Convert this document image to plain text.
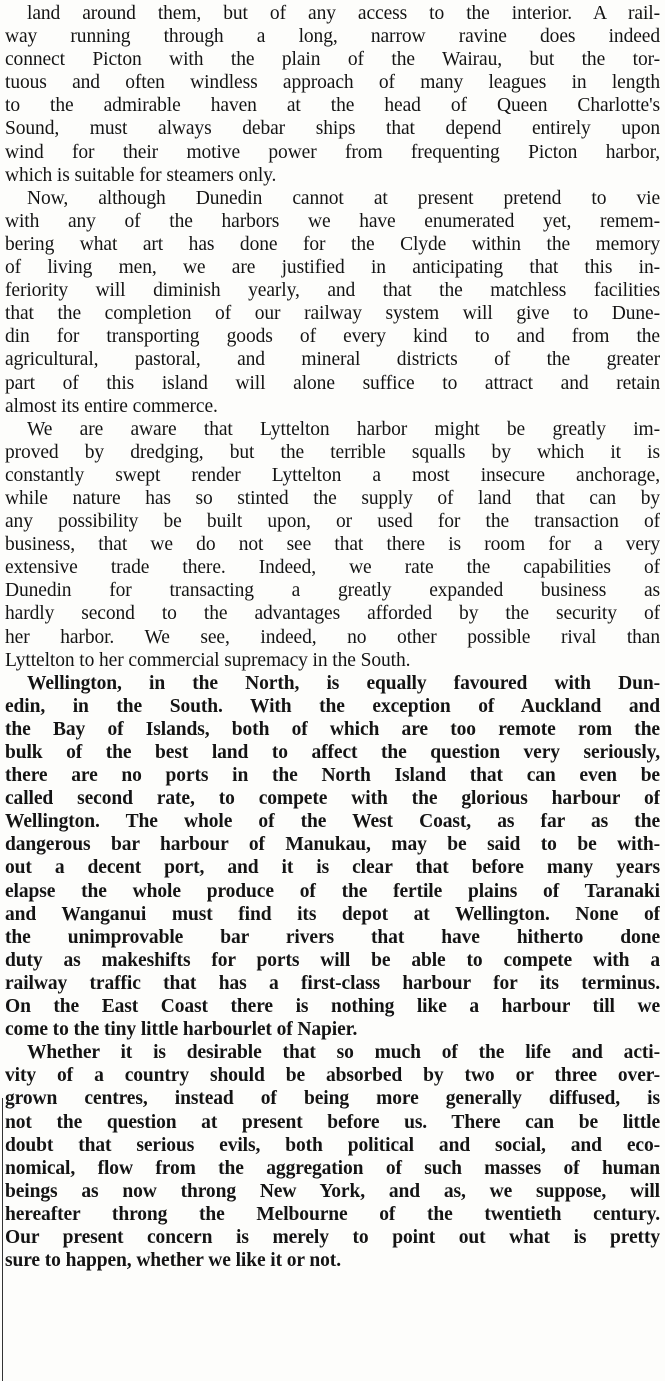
land around them, but of any access to the interior. A rail-
way running through a long, narrow ravine does indeed
connect Picton with the plain of the Wairau, but the tor-
tuous and often windless approach of many leagues in length
to the admirable haven at the head of Queen Charlotte's
Sound, must always debar ships that depend entirely upon
wind for their motive power from frequenting Picton harbor,
which is suitable for steamers only.
Now, although Dunedin cannot at present pretend to vie
with any of the harbors we have enumerated yet, remem-
bering what art has done for the Clyde within the memory
of living men, we are justified in anticipating that this in-
feriority will diminish yearly, and that the matchless facilities
that the completion of our railway system will give to Dune-
din for transporting goods of every kind to and from the
agricultural, pastoral, and mineral districts of the greater
part of this island will alone suffice to attract and retain
almost its entire commerce.
We are aware that Lyttelton harbor might be greatly im-
proved by dredging, but the terrible squalls by which it is
constantly swept render Lyttelton a most insecure anchorage,
while nature has so stinted the supply of land that can by
any possibility be built upon, or used for the transaction of
business, that we do not see that there is room for a very
extensive trade there. Indeed, we rate the capabilities of
Dunedin for transacting a greatly expanded business as
hardly second to the advantages afforded by the security of
her harbor. We see, indeed, no other possible rival than
Lyttelton to her commercial supremacy in the South.
Wellington, in the North, is equally favoured with Dun-
edin, in the South. With the exception of Auckland and
the Bay of Islands, both of which are too remote rom the
bulk of the best land to affect the question very seriously,
there are no ports in the North Island that can even be
called second rate, to compete with the glorious harbour of
Wellington. The whole of the West Coast, as far as the
dangerous bar harbour of Manukau, may be said to be with-
out a decent port, and it is clear that before many years
elapse the whole produce of the fertile plains of Taranaki
and Wanganui must find its depot at Wellington. None of
the unimprovable bar rivers that have hitherto done
duty as makeshifts for ports will be able to compete with a
railway traffic that has a first-class harbour for its terminus.
On the East Coast there is nothing like a harbour till we
come to the tiny little harbourlet of Napier.
Whether it is desirable that so much of the life and acti-
vity of a country should be absorbed by two or three over-
grown centres, instead of being more generally diffused, is
not the question at present before us. There can be little
doubt that serious evils, both political and social, and eco-
nomical, flow from the aggregation of such masses of human
beings as now throng New York, and as, we suppose, will
hereafter throng the Melbourne of the twentieth century.
Our present concern is merely to point out what is pretty
sure to happen, whether we like it or not.
